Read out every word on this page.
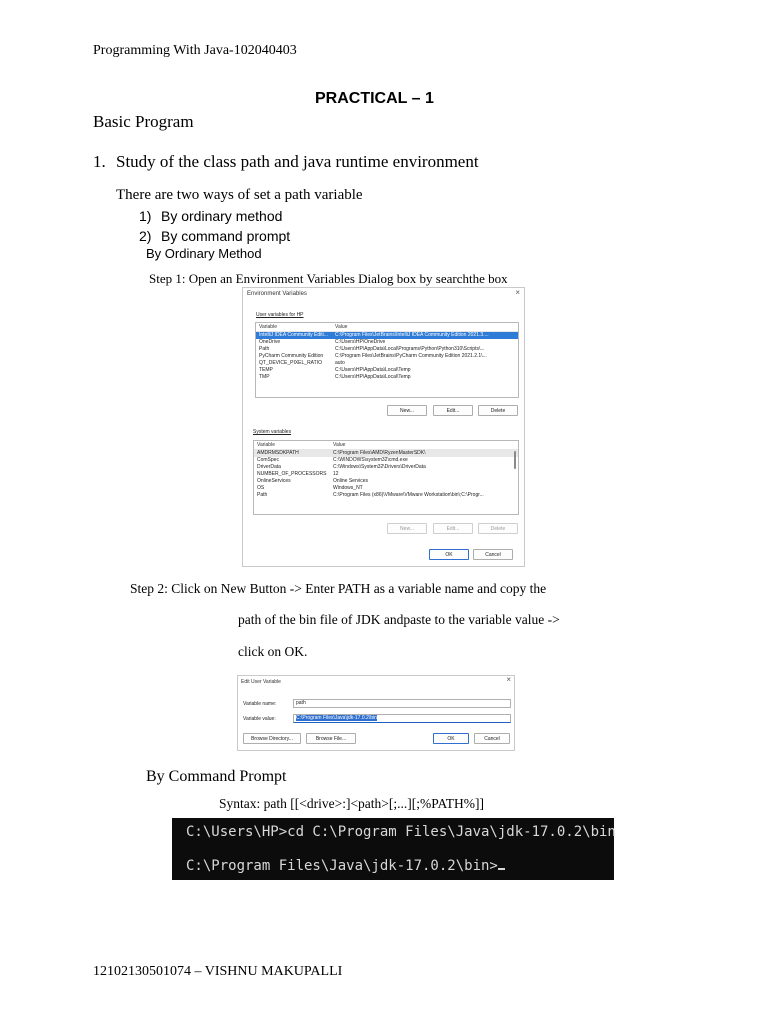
Programming With Java-102040403
PRACTICAL – 1
Basic Program
1. Study of the class path and java runtime environment
There are two ways of set a path variable
1) By ordinary method
2) By command prompt
By Ordinary Method
Step 1: Open an Environment Variables Dialog box by searchthe box
Environment Variables	×
User variables for HP
Variable	Value
IntelliJ IDEA Community Editi...	C:\Program Files\JetBrains\IntelliJ IDEA Community Edition 2021.3....
OneDrive	C:\Users\HP\OneDrive
Path	C:\Users\HP\AppData\Local\Programs\Python\Python310\Scripts\...
PyCharm Community Edition	C:\Program Files\JetBrains\PyCharm Community Edition 2021.2.1\...
QT_DEVICE_PIXEL_RATIO	auto
TEMP	C:\Users\HP\AppData\Local\Temp
TMP	C:\Users\HP\AppData\Local\Temp
New...	Edit...	Delete
System variables
Variable	Value
AMDRMSDKPATH	C:\Program Files\AMD\RyzenMasterSDK\
ComSpec	C:\WINDOWS\system32\cmd.exe
DriverData	C:\Windows\System32\Drivers\DriverData
NUMBER_OF_PROCESSORS	12
OnlineServices	Online Services
OS	Windows_NT
Path	C:\Program Files (x86)\VMware\VMware Workstation\bin\;C:\Progr...
New...	Edit...	Delete
OK	Cancel
Step 2: Click on New Button -> Enter PATH as a variable name and copy the
path of the bin file of JDK andpaste to the variable value ->
click on OK.
Edit User Variable	×
Variable name:	path
Variable value:	C:\Program Files\Java\jdk-17.0.2\bin
Browse Directory...	Browse File...	OK	Cancel
By Command Prompt
Syntax: path [[<drive>:]<path>[;...][;%PATH%]]
C:\Users\HP>cd C:\Program Files\Java\jdk-17.0.2\bin
C:\Program Files\Java\jdk-17.0.2\bin>
12102130501074 – VISHNU MAKUPALLI
